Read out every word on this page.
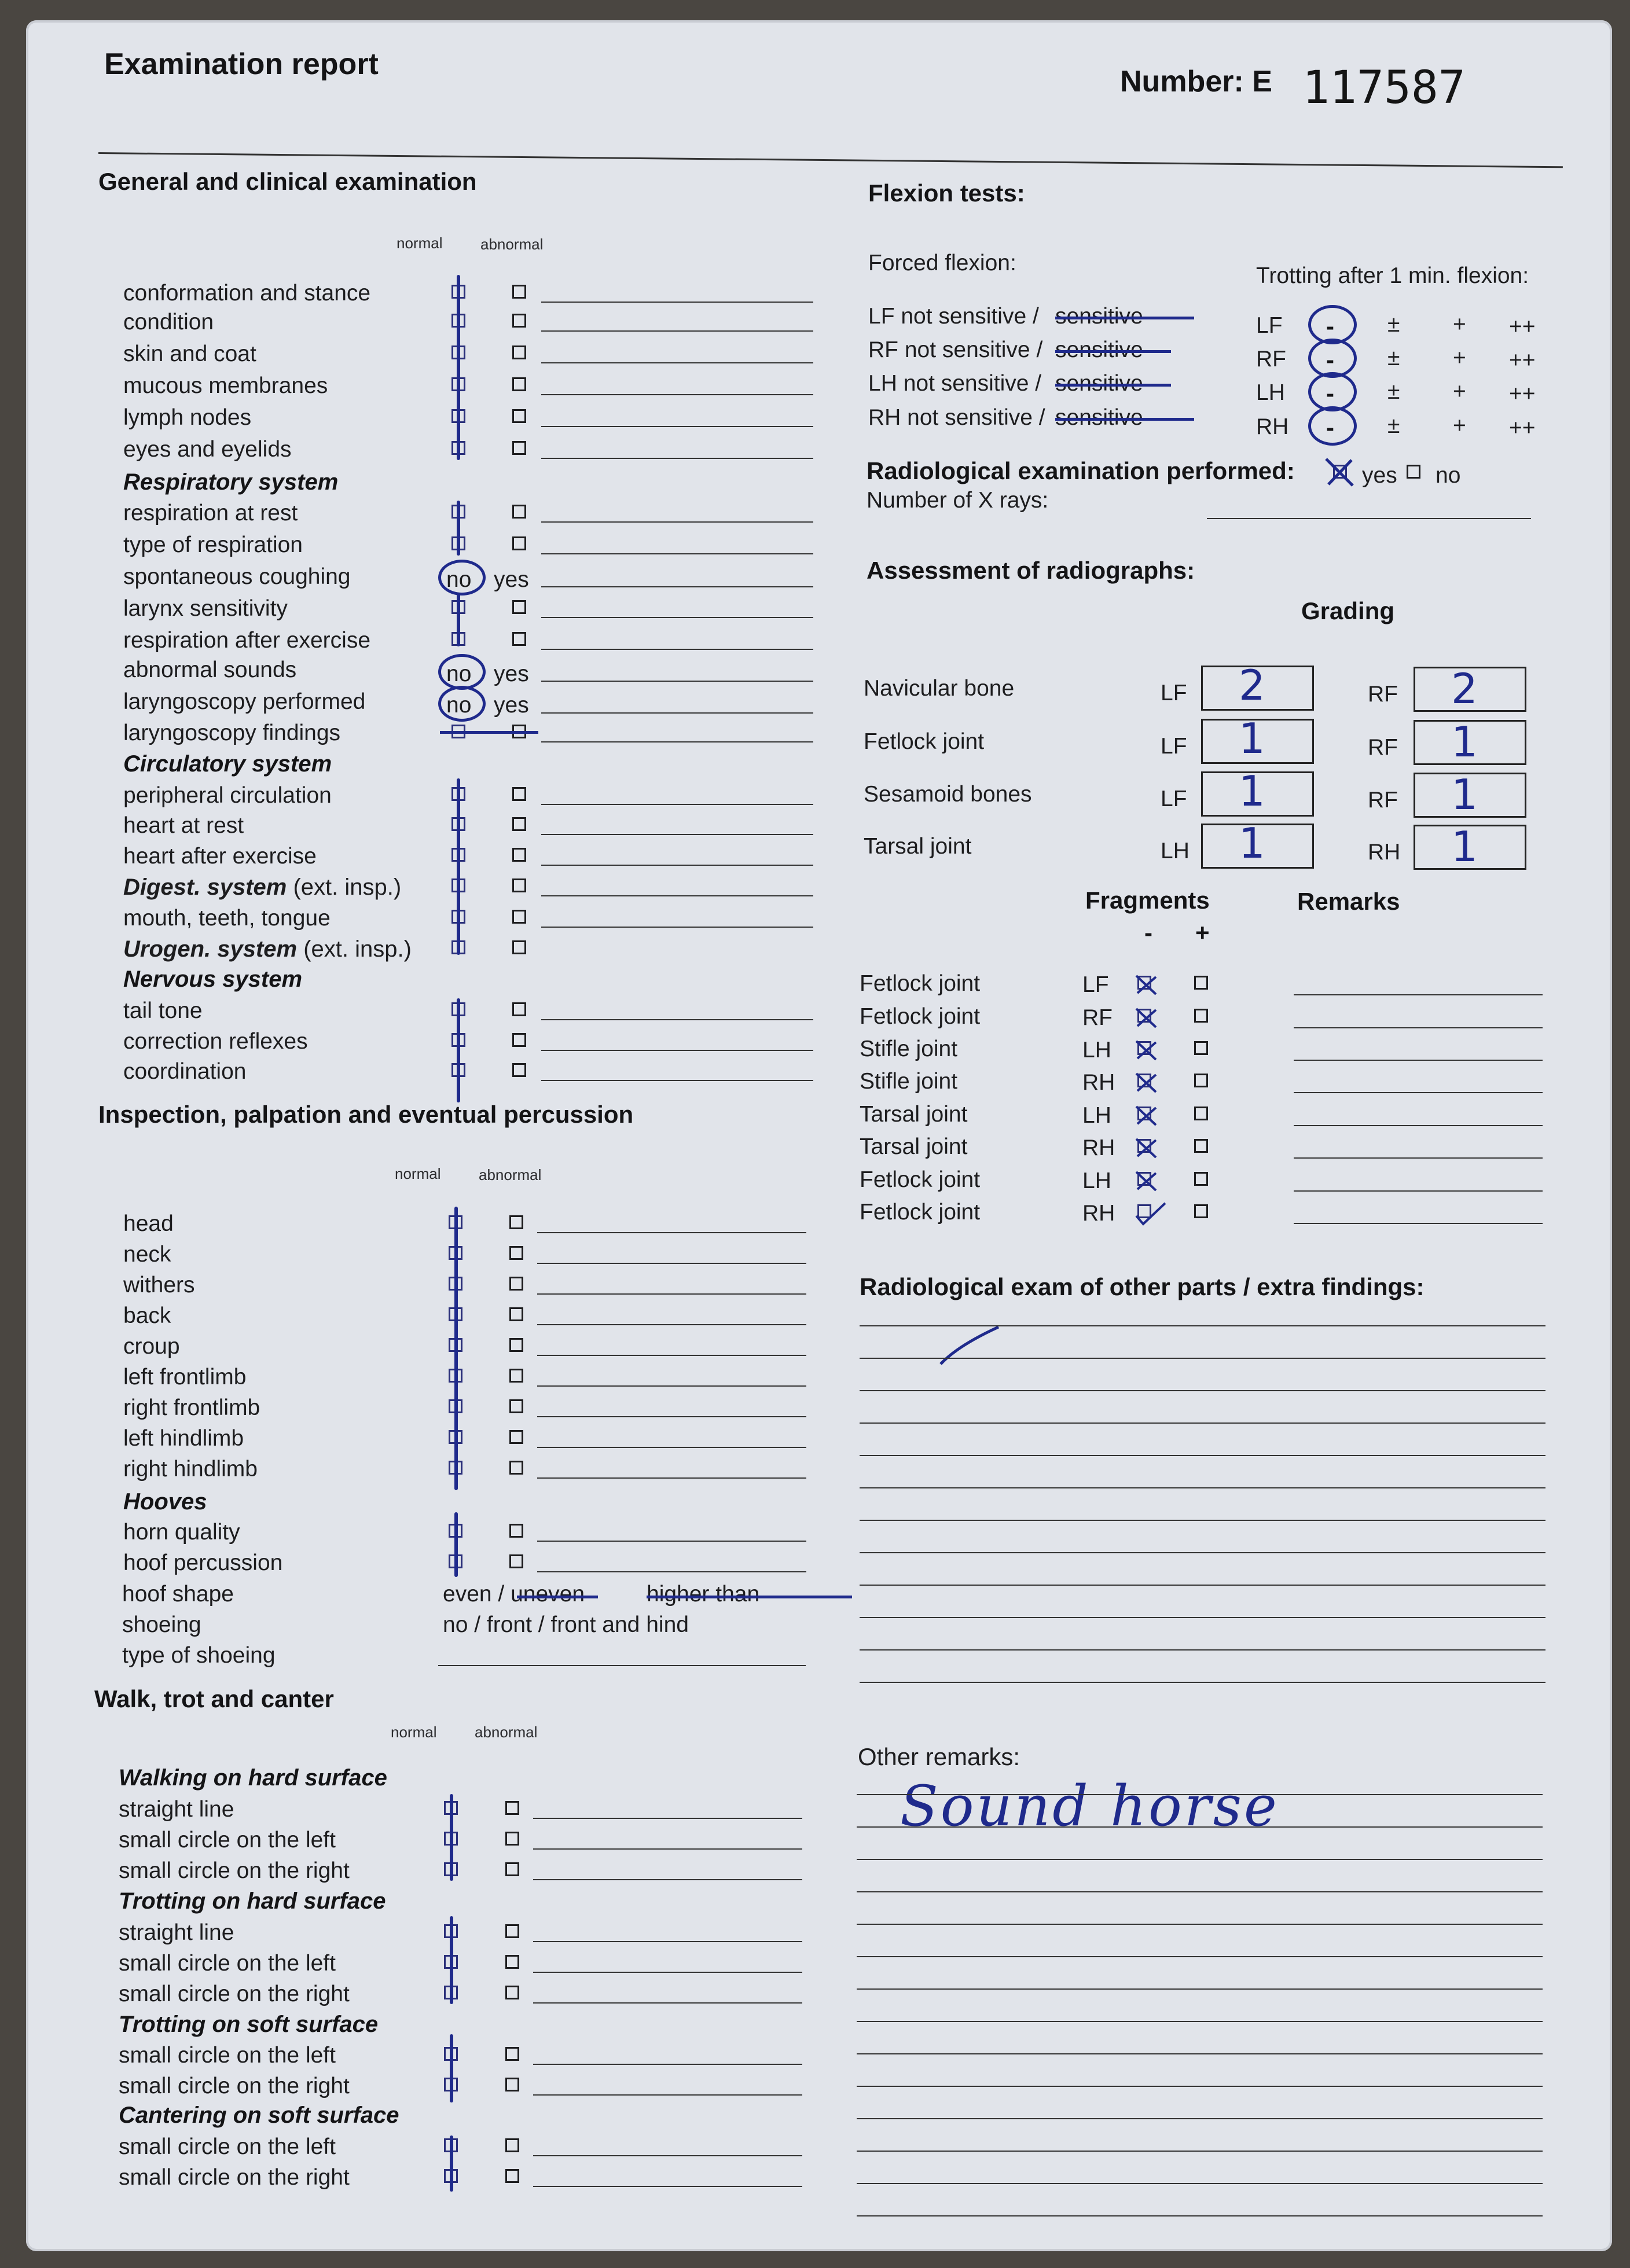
Examination report
Number: E 117587
General and clinical examination
normal	abnormal
Inspection, palpation and eventual percussion
normal	abnormal
Walk, trot and canter
normal	abnormal
Flexion tests:
Forced flexion:
Trotting after 1 min. flexion:
Radiological examination performed:	yes no
Number of X rays:
Assessment of radiographs:
Grading
Fragments	Remarks
- +
Radiological exam of other parts / extra findings:
Other remarks:
Sound horse
conformation and stance
condition
skin and coat
mucous membranes
lymph nodes
eyes and eyelids
Respiratory system
respiration at rest
type of respiration
spontaneous coughing	no yes
larynx sensitivity
respiration after exercise
abnormal sounds	no yes
laryngoscopy performed	no yes
laryngoscopy findings
Circulatory system
peripheral circulation
heart at rest
heart after exercise
Digest. system (ext. insp.)
mouth, teeth, tongue
Urogen. system (ext. insp.)
Nervous system
tail tone
correction reflexes
coordination
head
neck
withers
back
croup
left frontlimb
right frontlimb
left hindlimb
right hindlimb
Hooves
horn quality
hoof percussion
hoof shape	even / uneven	higher than
shoeing	no / front / front and hind
type of shoeing
Walking on hard surface
straight line
small circle on the left
small circle on the right
Trotting on hard surface
straight line
small circle on the left
small circle on the right
Trotting on soft surface
small circle on the left
small circle on the right
Cantering on soft surface
small circle on the left
small circle on the right
LF not sensitive / sensitive	LF - ± + ++
RF not sensitive / sensitive	RF - ± + ++
LH not sensitive / sensitive	LH - ± + ++
RH not sensitive / sensitive	RH - ± + ++
Navicular bone	LF 2	RF 2
Fetlock joint	LF 1	RF 1
Sesamoid bones	LF 1	RF 1
Tarsal joint	LH 1	RH 1
Fetlock joint	LF
Fetlock joint	RF
Stifle joint	LH
Stifle joint	RH
Tarsal joint	LH
Tarsal joint	RH
Fetlock joint	LH
Fetlock joint	RH
